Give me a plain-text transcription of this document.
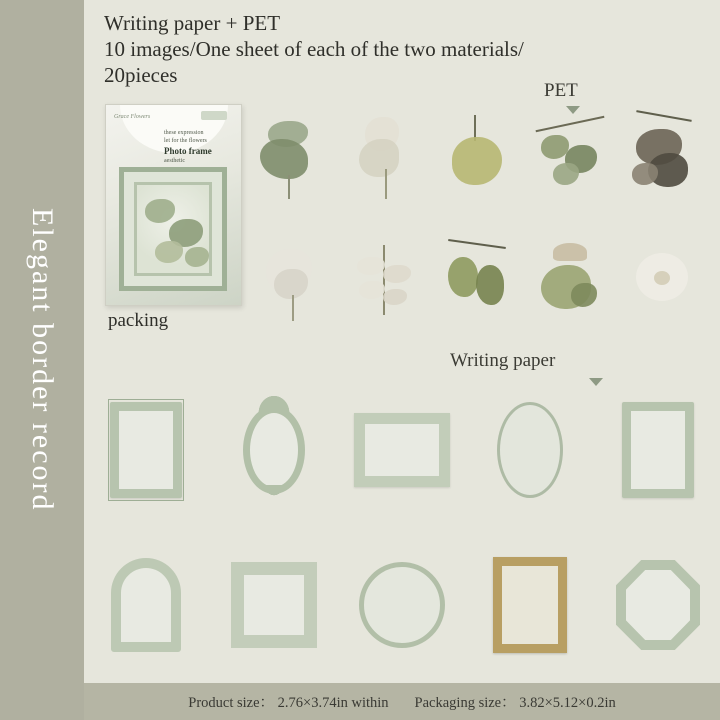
Elegant border record
Writing paper + PET
10 images/One sheet of each of the two materials/
20pieces
Grace Flowers
these expression
let for the flowers
Photo frame
aesthetic
packing
PET
Writing paper
Product size： 2.76×3.74in within Packaging size： 3.82×5.12×0.2in
